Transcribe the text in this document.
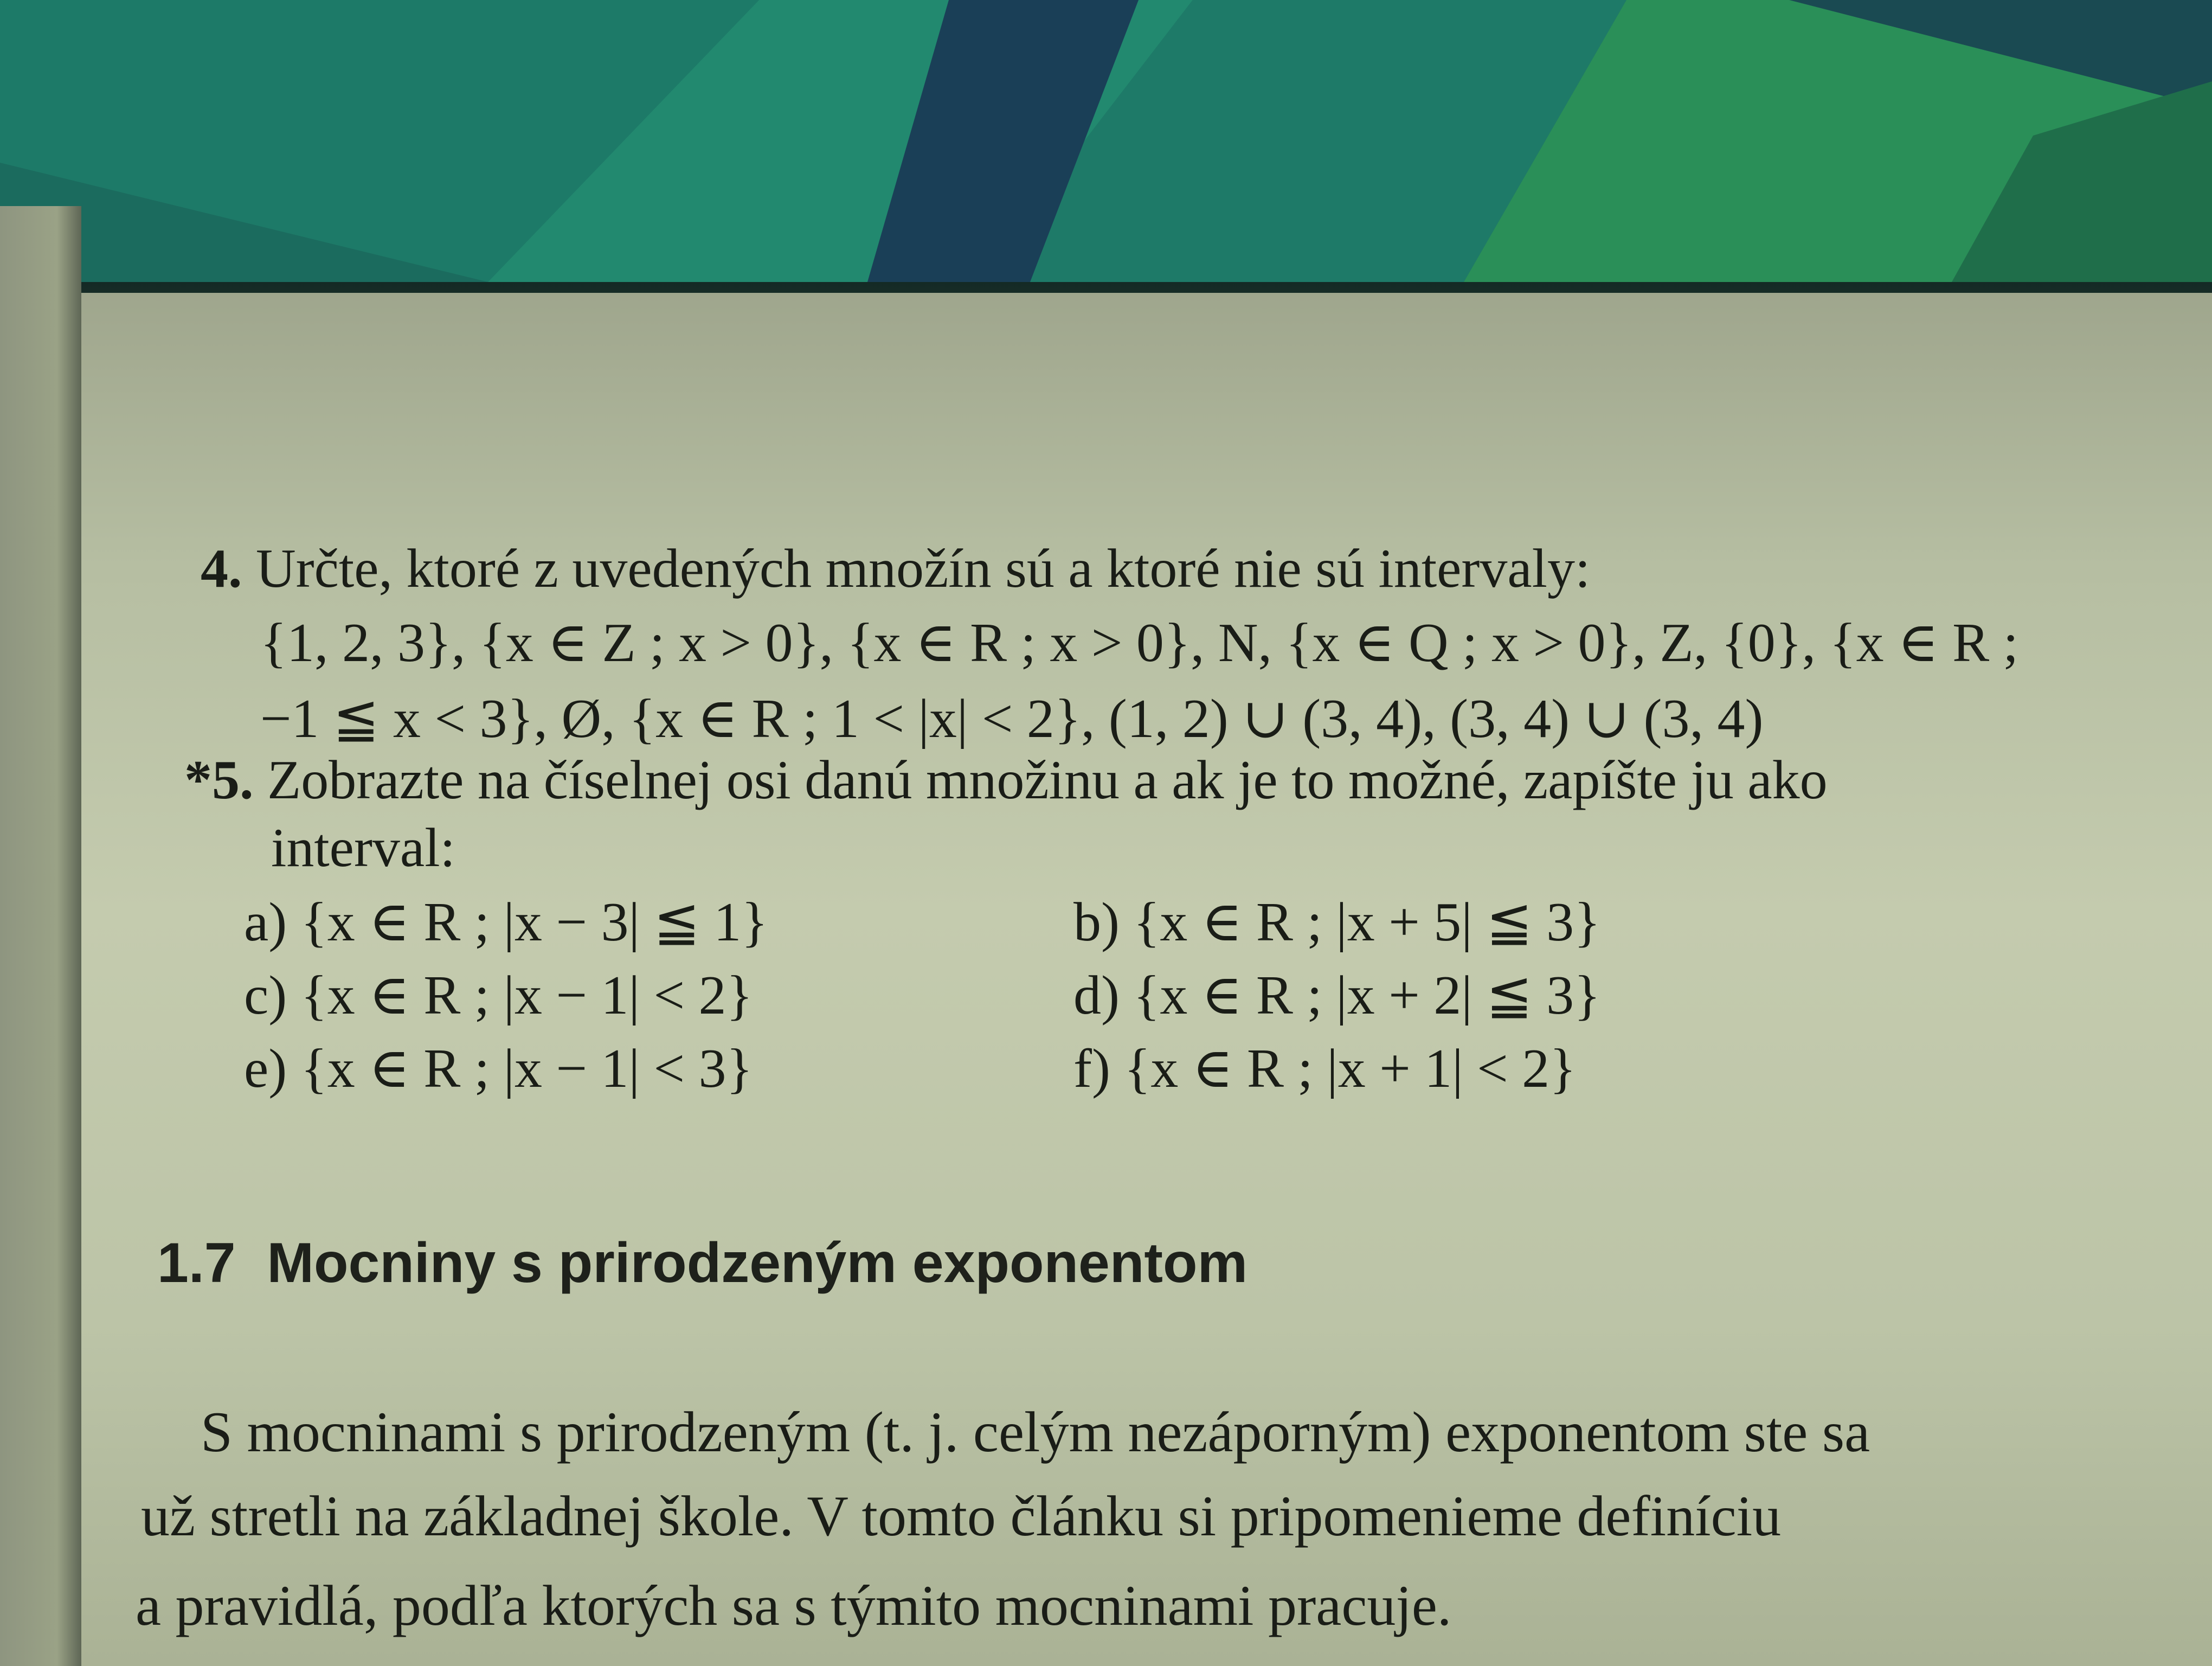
4. Určte, ktoré z uvedených množín sú a ktoré nie sú intervaly:
{1, 2, 3}, {x ∈ Z ; x > 0}, {x ∈ R ; x > 0}, N, {x ∈ Q ; x > 0}, Z, {0}, {x ∈ R ;
−1 ≦ x < 3}, Ø, {x ∈ R ; 1 < |x| < 2}, (1, 2) ∪ (3, 4), (3, 4) ∪ (3, 4)
*5. Zobrazte na číselnej osi danú množinu a ak je to možné, zapíšte ju ako
interval:
a) {x ∈ R ; |x − 3| ≦ 1}	b) {x ∈ R ; |x + 5| ≦ 3}
c) {x ∈ R ; |x − 1| < 2}	d) {x ∈ R ; |x + 2| ≦ 3}
e) {x ∈ R ; |x − 1| < 3}	f) {x ∈ R ; |x + 1| < 2}
1.7 Mocniny s prirodzeným exponentom
S mocninami s prirodzeným (t. j. celým nezáporným) exponentom ste sa
už stretli na základnej škole. V tomto článku si pripomenieme definíciu
a pravidlá, podľa ktorých sa s týmito mocninami pracuje.
